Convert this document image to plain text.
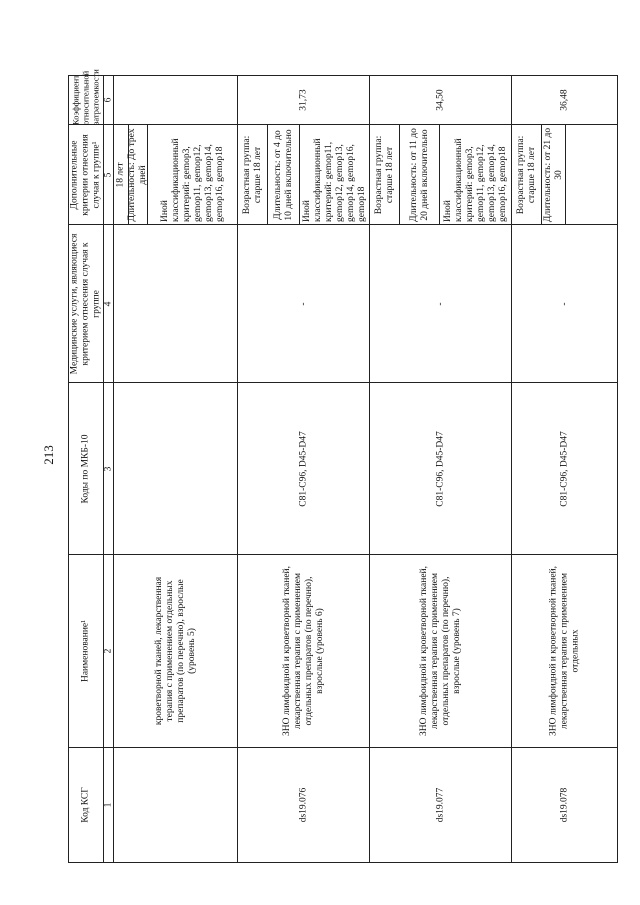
213
Код КСГ
Наименование¹
Коды по МКБ-10
Медицинские услуги, являющиеся критерием отнесения случая к группе
Дополнительные критерии отнесения случая к группе¹
Коэффициент относительной затратоемкости
1
2
3
4
5
6
кроветворной тканей, лекарственная терапия с применением отдельных препаратов (по перечню), взрослые (уровень 5)
18 лет Длительность: До трех дней
Иной классификационный критерий: gemop3, gemop11, gemop12, gemop13, gemop14, gemop16, gemop18
ds19.076
ЗНО лимфоидной и кроветворной тканей, лекарственная терапия с применением отдельных препаратов (по перечню), взрослые (уровень 6)
C81-C96, D45-D47
-
Возрастная группа: старше 18 лет Длительность: от 4 до 10 дней включительно Иной классификационный критерий: gemop11, gemop12, gemop13, gemop14, gemop16, gemop18
31,73
ds19.077
ЗНО лимфоидной и кроветворной тканей, лекарственная терапия с применением отдельных препаратов (по перечню), взрослые (уровень 7)
C81-C96, D45-D47
-
Возрастная группа: старше 18 лет Длительность: от 11 до 20 дней включительно Иной классификационный критерий: gemop3, gemop11, gemop12, gemop13, gemop14, gemop16, gemop18
34,50
ds19.078
ЗНО лимфоидной и кроветворной тканей, лекарственная терапия с применением отдельных
C81-C96, D45-D47
-
Возрастная группа: старше 18 лет Длительность: от 21 до 30
36,48
